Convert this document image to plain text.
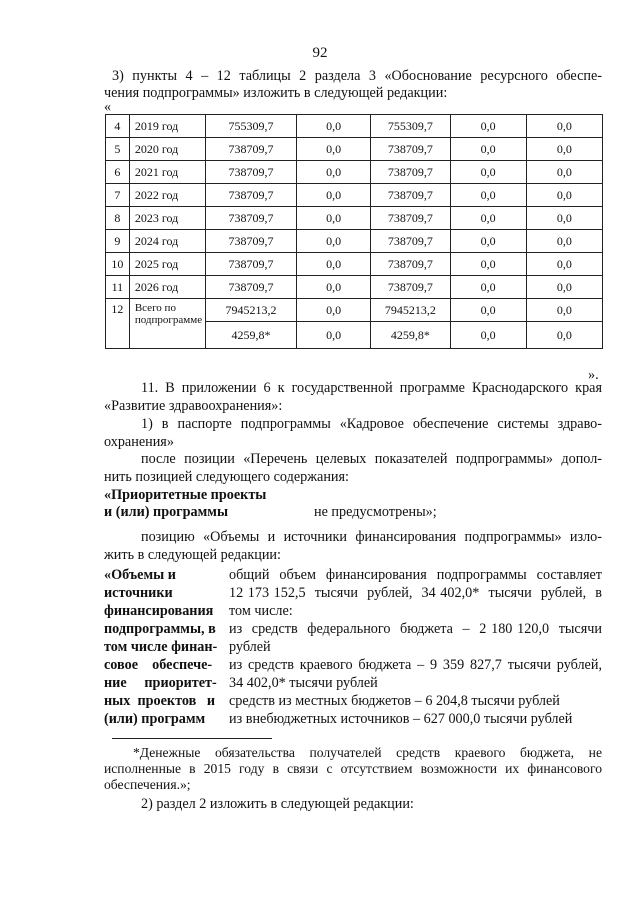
92
3) пункты 4 – 12 таблицы 2 раздела 3 «Обоснование ресурсного обеспе-
чения подпрограммы» изложить в следующей редакции:
«
4	2019 год	755309,7	0,0	755309,7	0,0	0,0
5	2020 год	738709,7	0,0	738709,7	0,0	0,0
6	2021 год	738709,7	0,0	738709,7	0,0	0,0
7	2022 год	738709,7	0,0	738709,7	0,0	0,0
8	2023 год	738709,7	0,0	738709,7	0,0	0,0
9	2024 год	738709,7	0,0	738709,7	0,0	0,0
10	2025 год	738709,7	0,0	738709,7	0,0	0,0
11	2026 год	738709,7	0,0	738709,7	0,0	0,0
12	Всего по
подпрограмме	7945213,2	0,0	7945213,2	0,0	0,0
		4259,8*	0,0	4259,8*	0,0	0,0
».
11. В приложении 6 к государственной программе Краснодарского края
«Развитие здравоохранения»:
1) в паспорте подпрограммы «Кадровое обеспечение системы здраво-
охранения»
после позиции «Перечень целевых показателей подпрограммы» допол-
нить позицией следующего содержания:
«Приоритетные проекты
и (или) программы	не предусмотрены»;
позицию «Объемы и источники финансирования подпрограммы» изло-
жить в следующей редакции:
«Объемы и
источники
финансирования
подпрограммы, в
том числе финан-
совое    обеспече-
ние     приоритет-
ных  проектов   и
(или) программ
общий объем финансирования подпрограммы составляет
12 173 152,5  тысячи  рублей,  34 402,0*  тысячи  рублей,  в
том числе:
из  средств  федерального  бюджета  –  2 180 120,0  тысячи
рублей
из средств краевого бюджета – 9 359 827,7 тысячи рублей,
34 402,0* тысячи рублей
средств из местных бюджетов – 6 204,8 тысячи рублей
из внебюджетных источников – 627 000,0 тысячи рублей
*Денежные обязательства получателей средств краевого бюджета, не
исполненные в 2015 году в связи с отсутствием возможности их финансового
обеспечения.»;
2) раздел 2 изложить в следующей редакции:
